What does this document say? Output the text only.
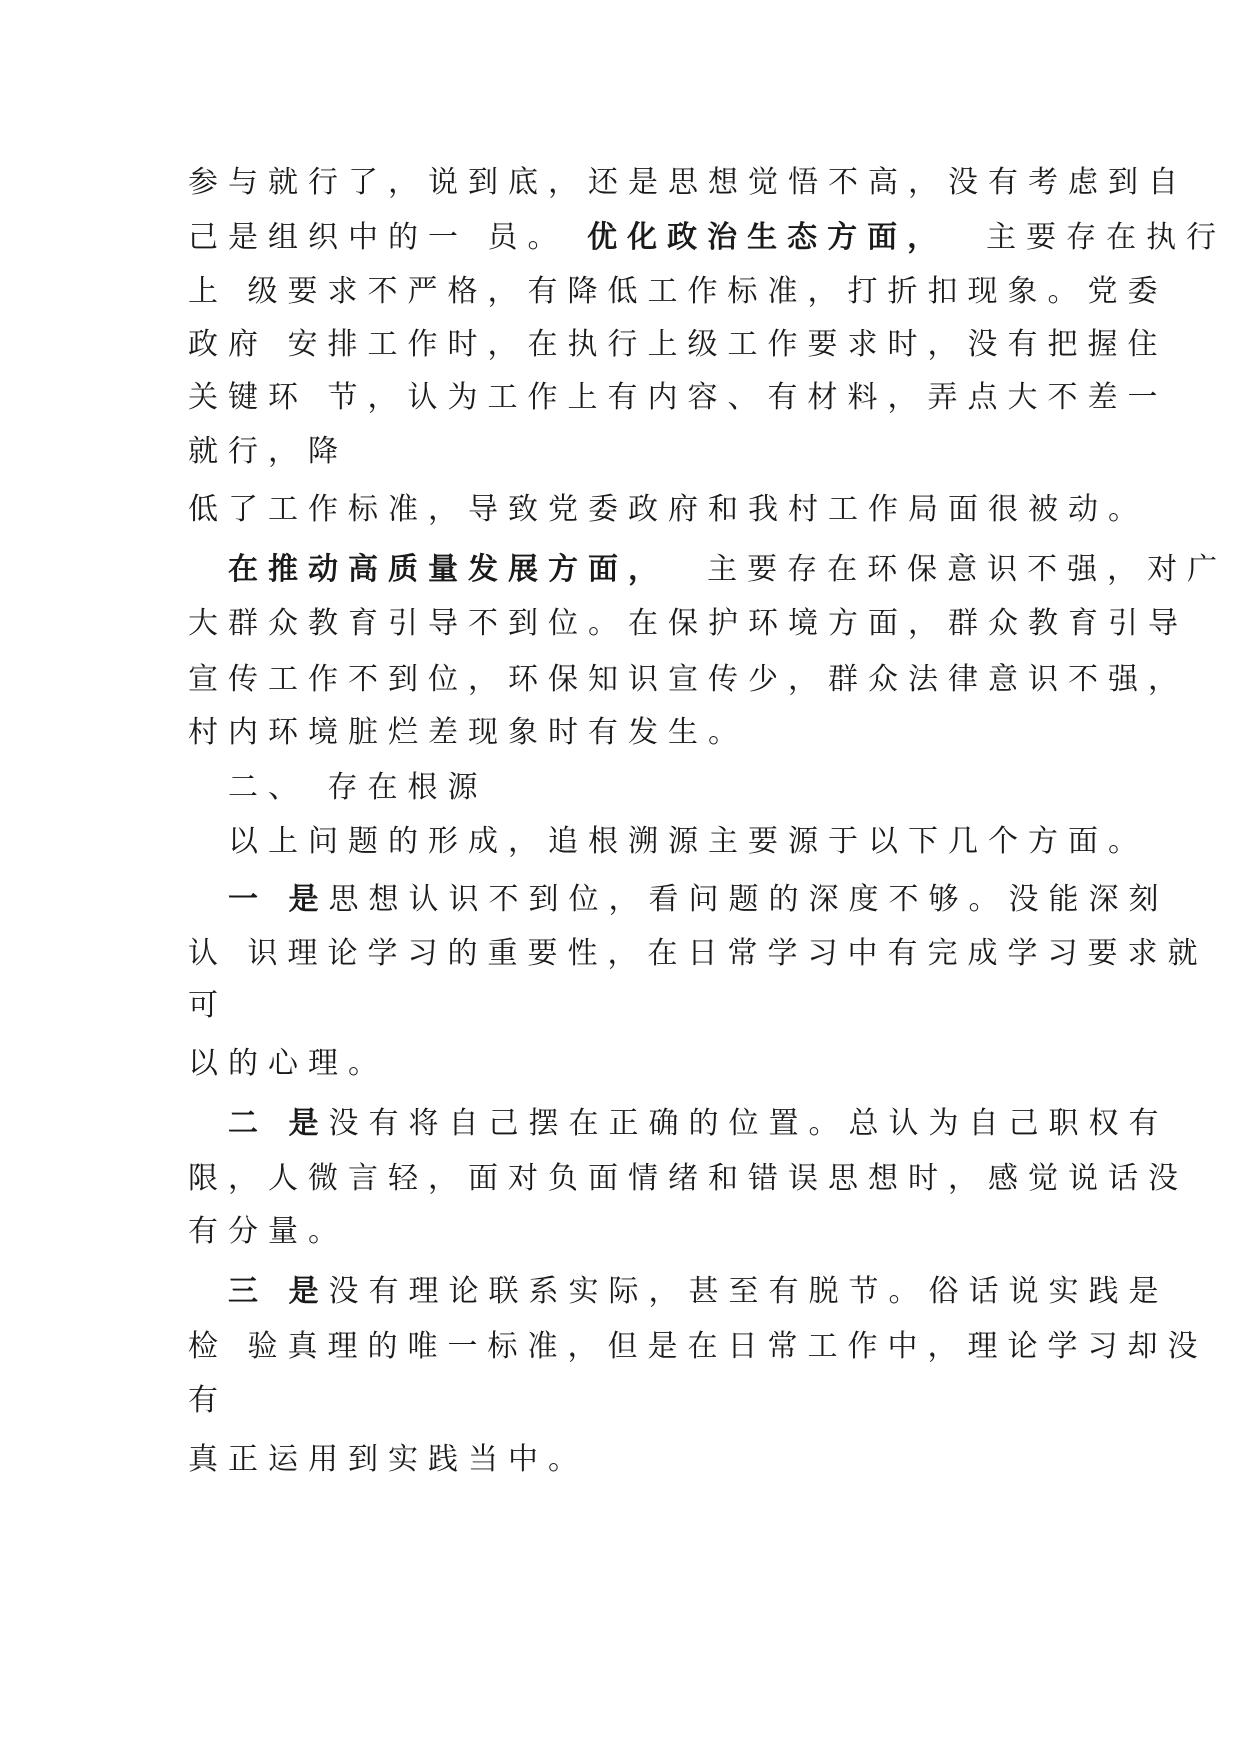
参与就行了，说到底，还是思想觉悟不高，没有考虑到自

己是组织中的一 员。 优化政治生态方面，  主要存在执行

上 级要求不严格，有降低工作标准，打折扣现象。党委

政府 安排工作时，在执行上级工作要求时，没有把握住

关键环 节，认为工作上有内容、有材料，弄点大不差一

就行，降

低了工作标准，导致党委政府和我村工作局面很被动。

　在推动高质量发展方面，  主要存在环保意识不强，对广

大群众教育引导不到位。在保护环境方面，群众教育引导

宣传工作不到位，环保知识宣传少，群众法律意识不强，

村内环境脏烂差现象时有发生。

　二、 存在根源

　以上问题的形成，追根溯源主要源于以下几个方面。

　一 是思想认识不到位，看问题的深度不够。没能深刻

认 识理论学习的重要性，在日常学习中有完成学习要求就

可

以的心理。

　二 是没有将自己摆在正确的位置。总认为自己职权有

限，人微言轻，面对负面情绪和错误思想时，感觉说话没

有分量。

　三 是没有理论联系实际，甚至有脱节。俗话说实践是

检 验真理的唯一标准，但是在日常工作中，理论学习却没

有

真正运用到实践当中。
